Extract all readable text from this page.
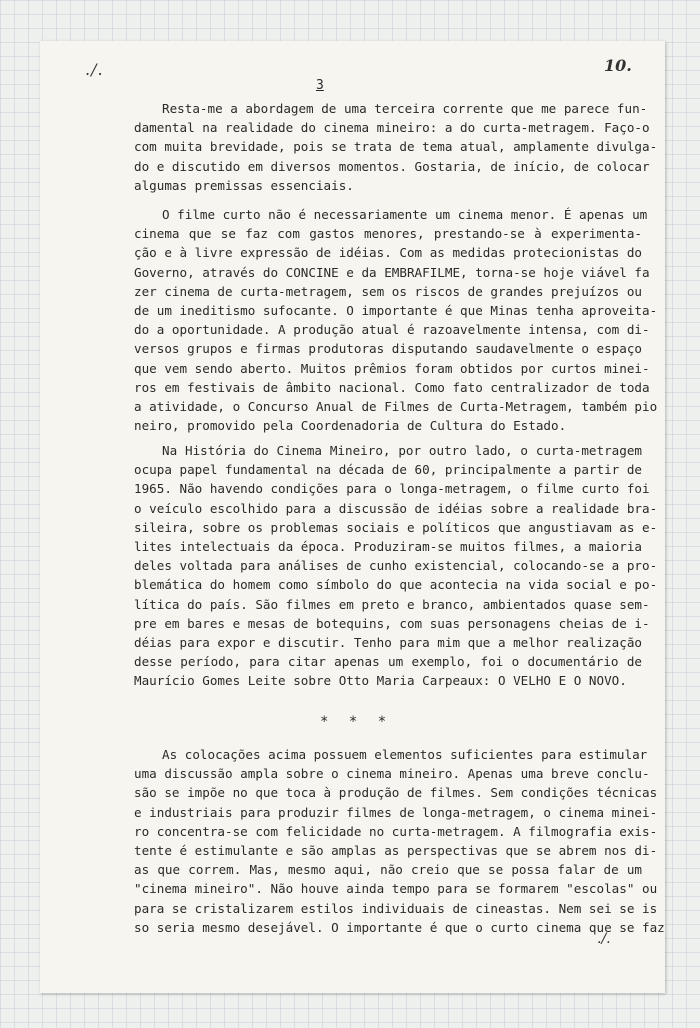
./.	10.
3
Resta-me a abordagem de uma terceira corrente que me parece fun-
damental na realidade do cinema mineiro: a do curta-metragem. Faço-o
com muita brevidade, pois se trata de tema atual, amplamente divulga-
do e discutido em diversos momentos. Gostaria, de início, de colocar
algumas premissas essenciais.
O filme curto não é necessariamente um cinema menor. É apenas um
cinema que se faz com gastos menores, prestando-se à experimenta-
ção e à livre expressão de idéias. Com as medidas protecionistas do
Governo, através do CONCINE e da EMBRAFILME, torna-se hoje viável fa
zer cinema de curta-metragem, sem os riscos de grandes prejuízos ou
de um ineditismo sufocante. O importante é que Minas tenha aproveita-
do a oportunidade. A produção atual é razoavelmente intensa, com di-
versos grupos e firmas produtoras disputando saudavelmente o espaço
que vem sendo aberto. Muitos prêmios foram obtidos por curtos minei-
ros em festivais de âmbito nacional. Como fato centralizador de toda
a atividade, o Concurso Anual de Filmes de Curta-Metragem, também pio
neiro, promovido pela Coordenadoria de Cultura do Estado.
Na História do Cinema Mineiro, por outro lado, o curta-metragem
ocupa papel fundamental na década de 60, principalmente a partir de
1965. Não havendo condições para o longa-metragem, o filme curto foi
o veículo escolhido para a discussão de idéias sobre a realidade bra-
sileira, sobre os problemas sociais e políticos que angustiavam as e-
lites intelectuais da época. Produziram-se muitos filmes, a maioria
deles voltada para análises de cunho existencial, colocando-se a pro-
blemática do homem como símbolo do que acontecia na vida social e po-
lítica do país. São filmes em preto e branco, ambientados quase sem-
pre em bares e mesas de botequins, com suas personagens cheias de i-
déias para expor e discutir. Tenho para mim que a melhor realização
desse período, para citar apenas um exemplo, foi o documentário de
Maurício Gomes Leite sobre Otto Maria Carpeaux: O VELHO E O NOVO.
* * *
As colocações acima possuem elementos suficientes para estimular
uma discussão ampla sobre o cinema mineiro. Apenas uma breve conclu-
são se impõe no que toca à produção de filmes. Sem condições técnicas
e industriais para produzir filmes de longa-metragem, o cinema minei-
ro concentra-se com felicidade no curta-metragem. A filmografia exis-
tente é estimulante e são amplas as perspectivas que se abrem nos di-
as que correm. Mas, mesmo aqui, não creio que se possa falar de um
"cinema mineiro". Não houve ainda tempo para se formarem "escolas" ou
para se cristalizarem estilos individuais de cineastas. Nem sei se is
so seria mesmo desejável. O importante é que o curto cinema que se faz
./.
